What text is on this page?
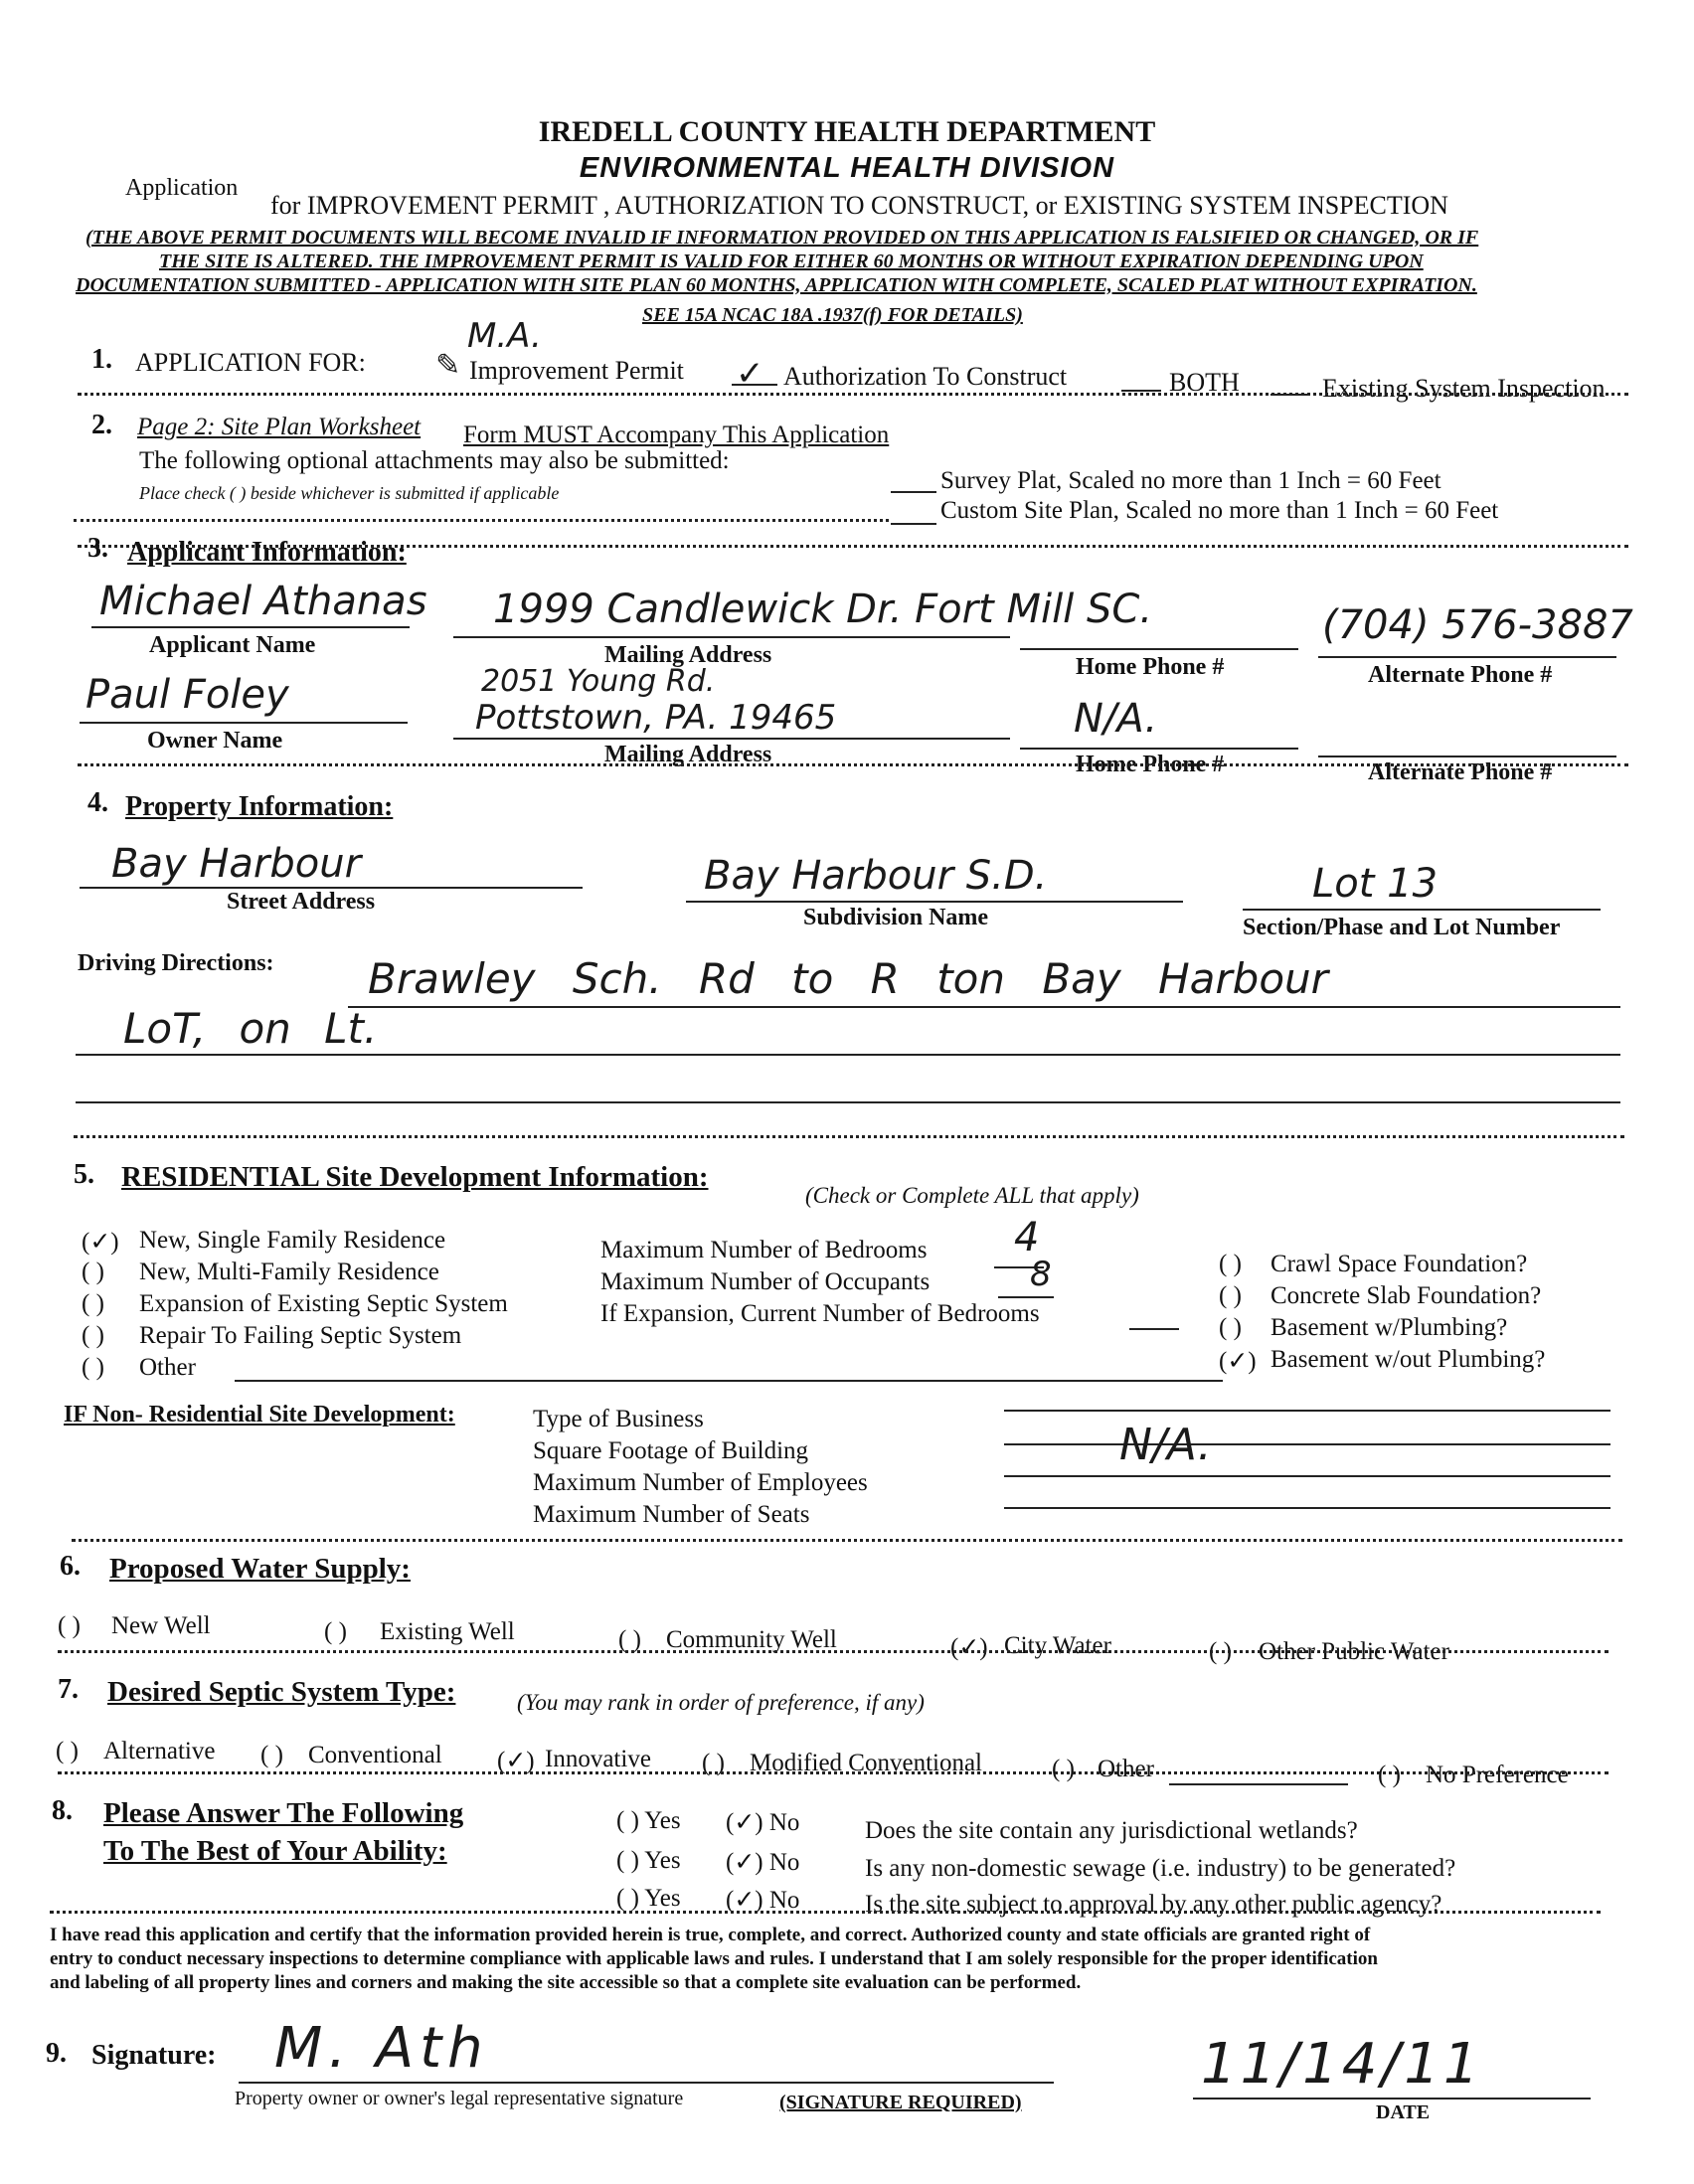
IREDELL COUNTY HEALTH DEPARTMENT
ENVIRONMENTAL HEALTH DIVISION
Application
for IMPROVEMENT PERMIT , AUTHORIZATION TO CONSTRUCT, or EXISTING SYSTEM INSPECTION
(THE ABOVE PERMIT DOCUMENTS WILL BECOME INVALID IF INFORMATION PROVIDED ON THIS APPLICATION IS FALSIFIED OR CHANGED, OR IF
THE SITE IS ALTERED. THE IMPROVEMENT PERMIT IS VALID FOR EITHER 60 MONTHS OR WITHOUT EXPIRATION DEPENDING UPON
DOCUMENTATION SUBMITTED - APPLICATION WITH SITE PLAN 60 MONTHS, APPLICATION WITH COMPLETE, SCALED PLAT WITHOUT EXPIRATION.
SEE 15A NCAC 18A .1937(f) FOR DETAILS)
M.A.
1. APPLICATION FOR: ✎ Improvement Permit ✓ Authorization To Construct	BOTH	Existing System Inspection
2. Page 2: Site Plan Worksheet Form MUST Accompany This Application
The following optional attachments may also be submitted:
Place check ( ) beside whichever is submitted if applicable	Survey Plat, Scaled no more than 1 Inch = 60 Feet
Custom Site Plan, Scaled no more than 1 Inch = 60 Feet
3. Applicant Information:
Michael Athanas
Applicant Name
1999 Candlewick Dr. Fort Mill SC.
Mailing Address	Home Phone #
(704) 576-3887
Alternate Phone #
Paul Foley
Owner Name
2051 Young Rd.
Pottstown, PA. 19465
Mailing Address
N/A.
Home Phone #	Alternate Phone #
4. Property Information:
Bay Harbour
Street Address
Bay Harbour S.D.
Subdivision Name
Lot 13
Section/Phase and Lot Number
Driving Directions: Brawley Sch. Rd to R ton Bay Harbour
LoT, on Lt.
5. RESIDENTIAL Site Development Information:
(Check or Complete ALL that apply)
(✓) New, Single Family Residence
( ) New, Multi-Family Residence
( ) Expansion of Existing Septic System
( ) Repair To Failing Septic System
( ) Other
Maximum Number of Bedrooms 4
Maximum Number of Occupants	8
If Expansion, Current Number of Bedrooms
( ) Crawl Space Foundation?
( ) Concrete Slab Foundation?
( ) Basement w/Plumbing?
(✓) Basement w/out Plumbing?
IF Non- Residential Site Development:	Type of Business
Square Footage of Building
Maximum Number of Employees
Maximum Number of Seats
N/A.
6. Proposed Water Supply:
( ) New Well	( ) Existing Well	( ) Community Well	(✓) City Water	( ) Other Public Water
7. Desired Septic System Type:	(You may rank in order of preference, if any)
( ) Alternative ( ) Conventional (✓) Innovative ( ) Modified Conventional	( ) Other	( ) No Preference
8. Please Answer The Following
To The Best of Your Ability:
( ) Yes (✓) No	Does the site contain any jurisdictional wetlands?
( ) Yes (✓) No	Is any non-domestic sewage (i.e. industry) to be generated?
( ) Yes (✓) No	Is the site subject to approval by any other public agency?
I have read this application and certify that the information provided herein is true, complete, and correct. Authorized county and state officials are granted right of
entry to conduct necessary inspections to determine compliance with applicable laws and rules. I understand that I am solely responsible for the proper identification
and labeling of all property lines and corners and making the site accessible so that a complete site evaluation can be performed.
9. Signature: M. Ath
Property owner or owner's legal representative signature	(SIGNATURE REQUIRED)
11/14/11
DATE
